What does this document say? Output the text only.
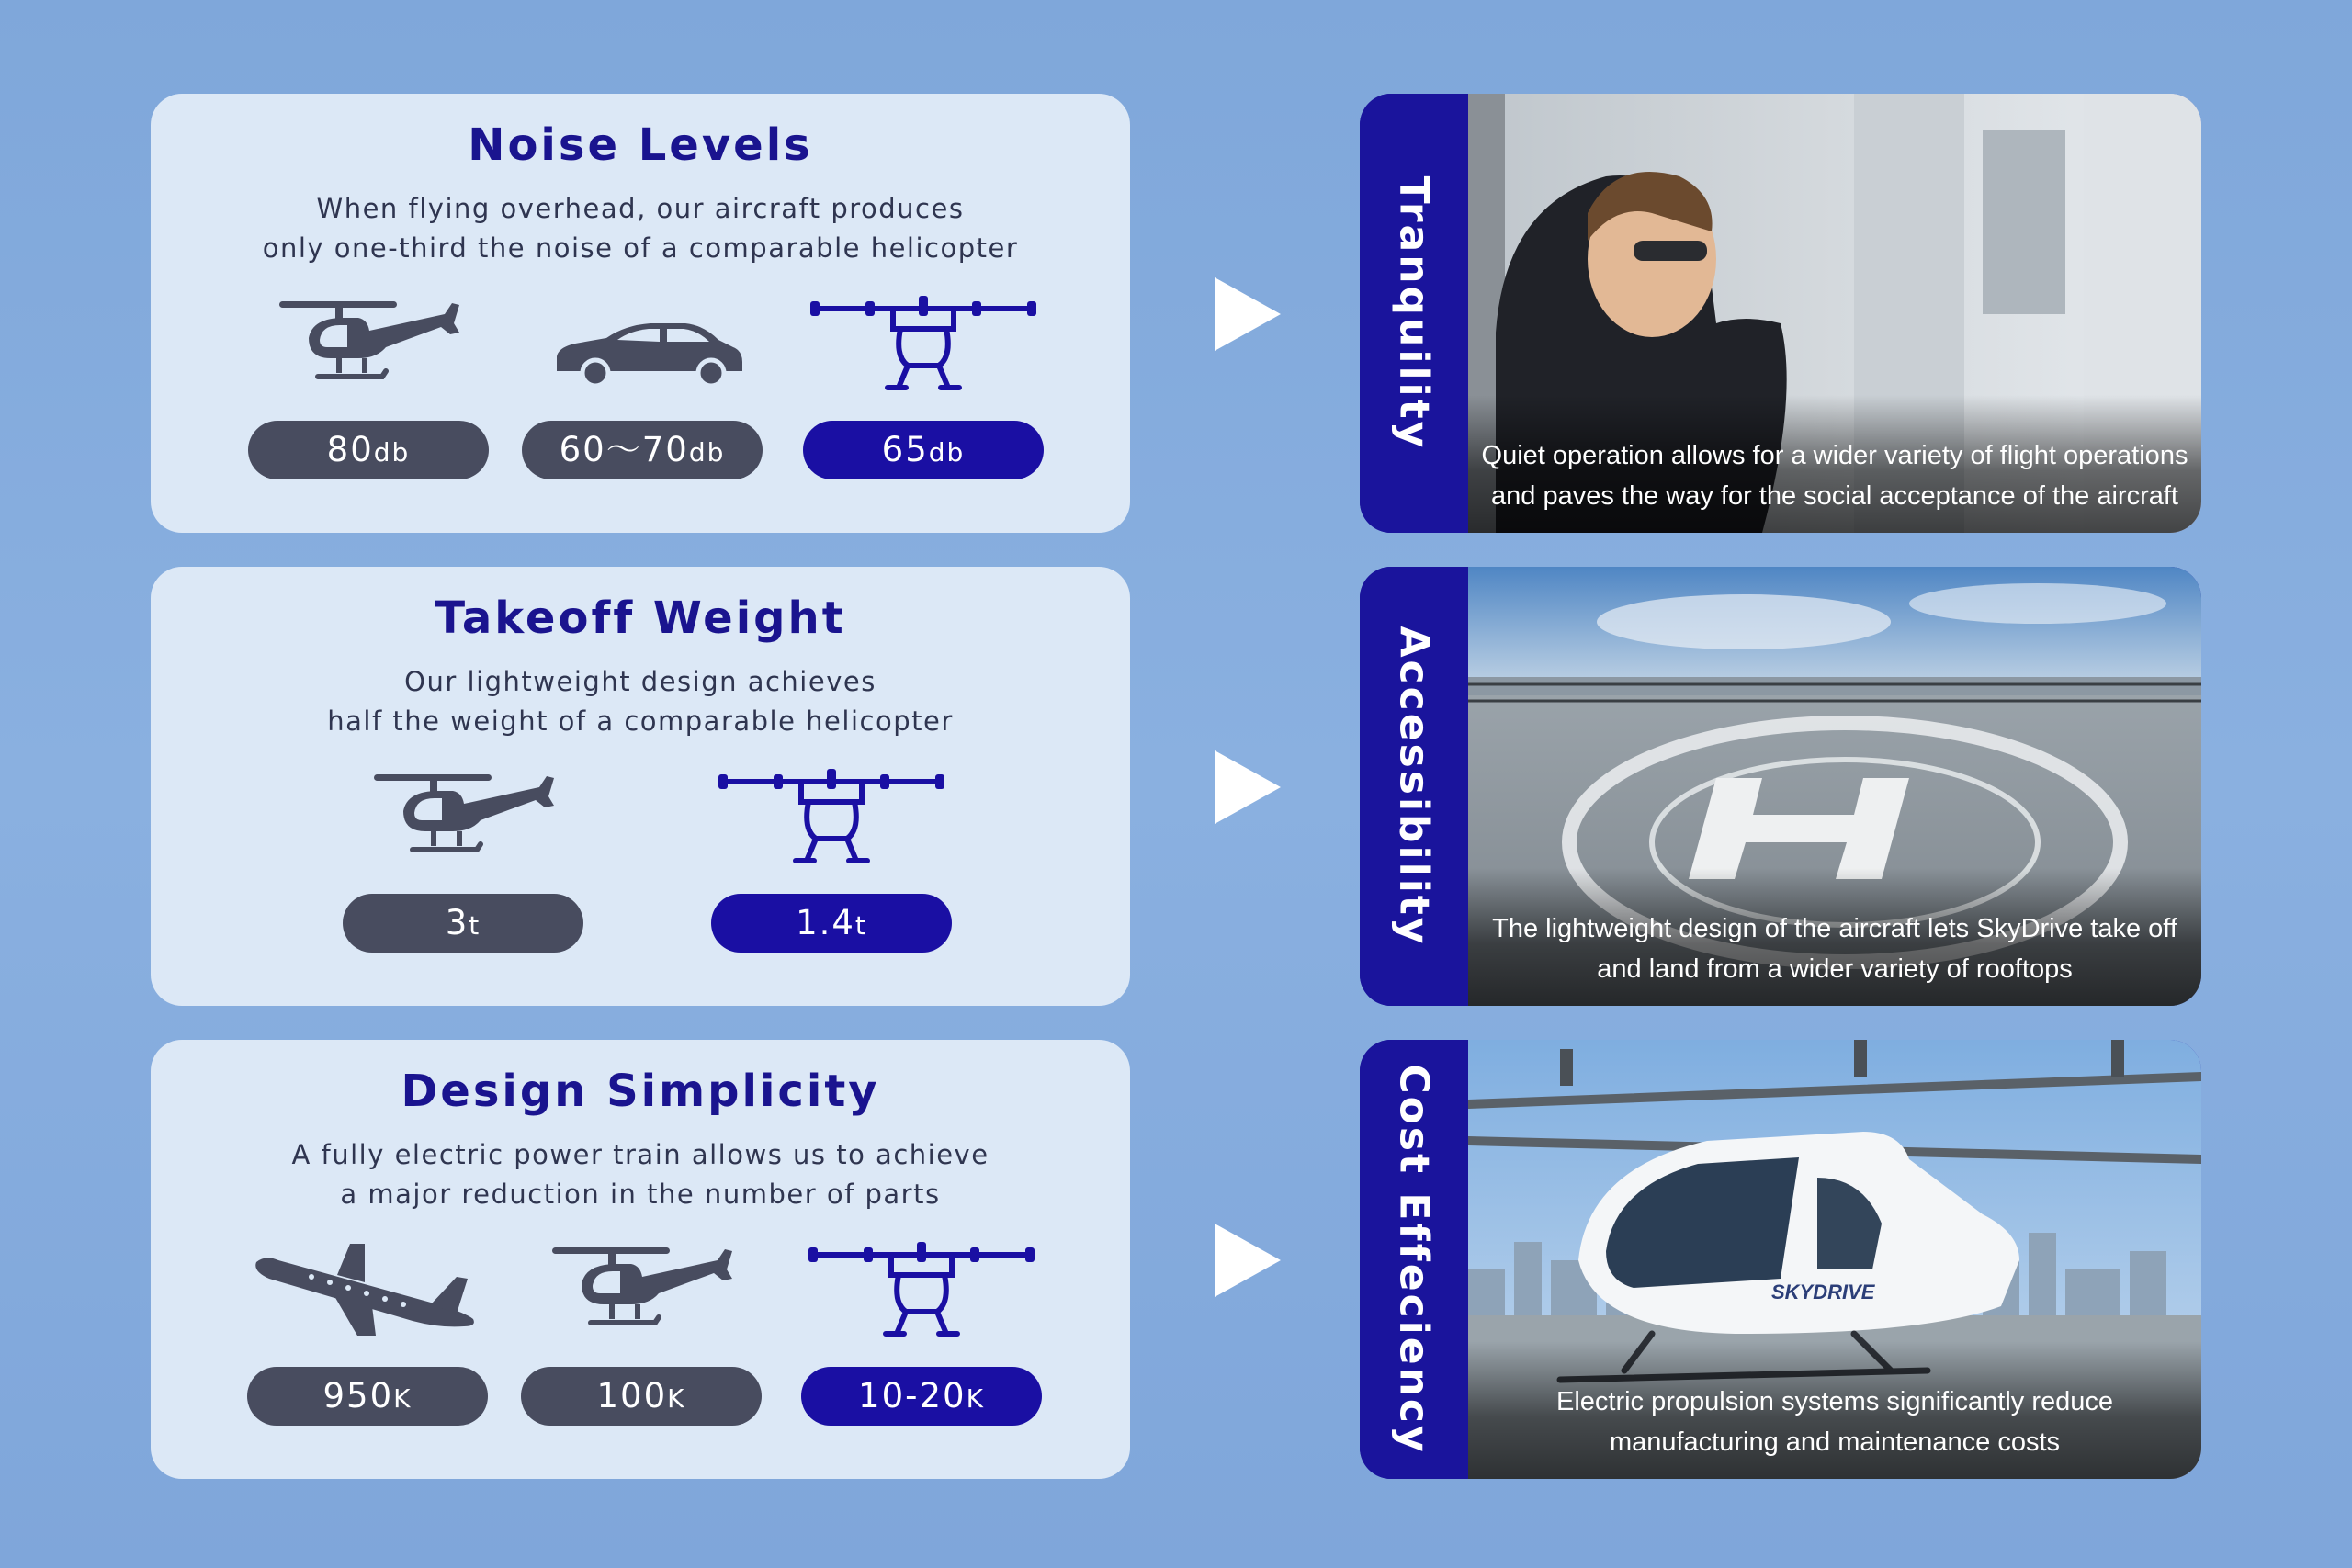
Noise Levels
When flying overhead, our aircraft produces
only one-third the noise of a comparable helicopter
80db	60〜70db	65db
Takeoff Weight
Our lightweight design achieves
half the weight of a comparable helicopter
3t	1.4t
Design Simplicity
A fully electric power train allows us to achieve
a major reduction in the number of parts
950K	100K	10-20K
Tranquility
Quiet operation allows for a wider variety of flight operations
and paves the way for the social acceptance of the aircraft
Accessibility	The lightweight design of the aircraft lets SkyDrive take off
and land from a wider variety of rooftops
Cost Effeciency	SKYDRIVE
Electric propulsion systems significantly reduce
manufacturing and maintenance costs
